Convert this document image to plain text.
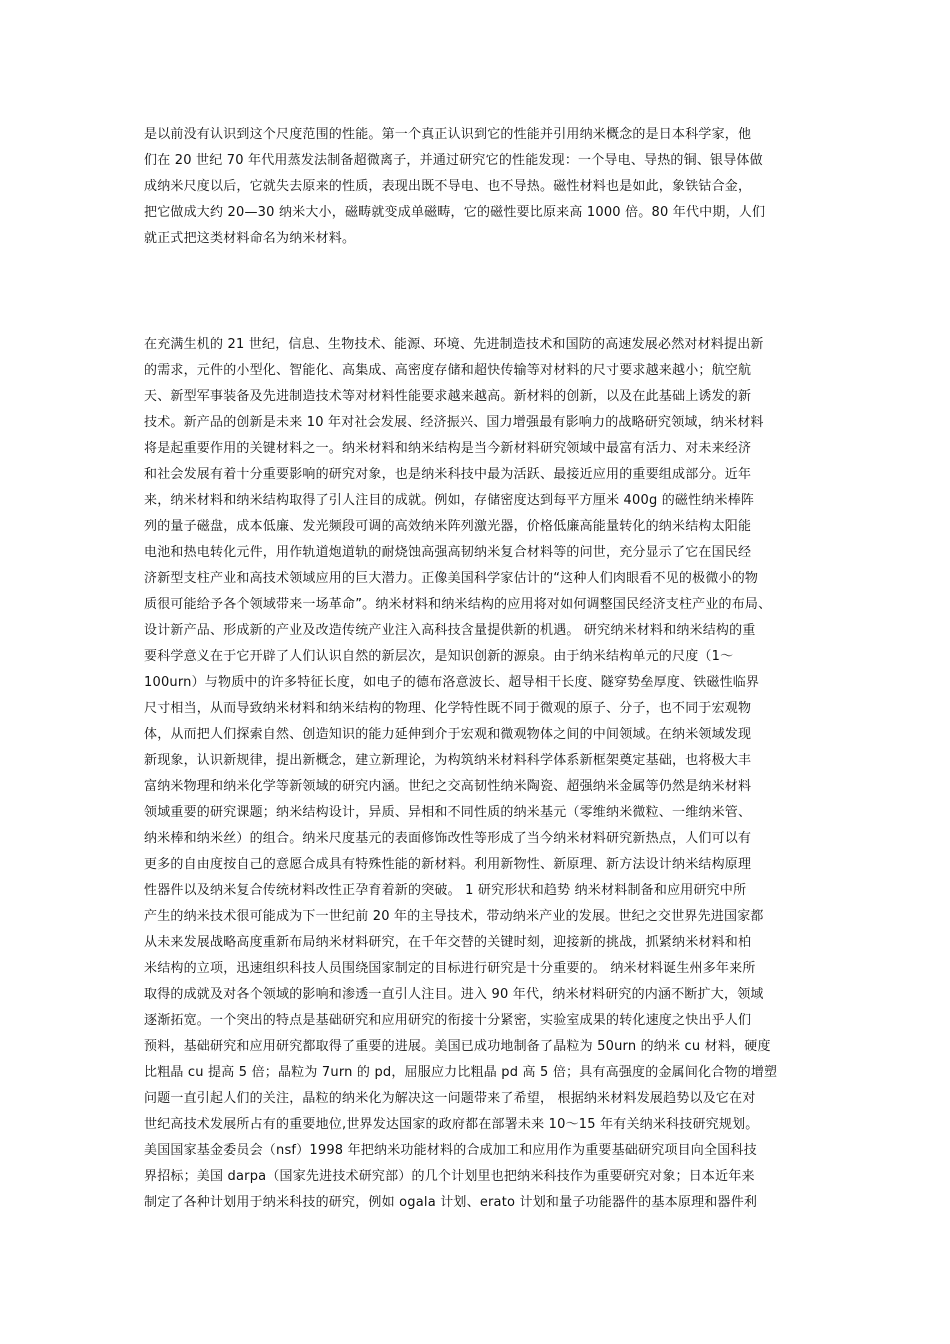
是以前没有认识到这个尺度范围的性能。第一个真正认识到它的性能并引用纳米概念的是日本科学家，他
们在 20 世纪 70 年代用蒸发法制备超微离子，并通过研究它的性能发现：一个导电、导热的铜、银导体做
成纳米尺度以后，它就失去原来的性质，表现出既不导电、也不导热。磁性材料也是如此，象铁钴合金，
把它做成大约 20—30 纳米大小，磁畴就变成单磁畴，它的磁性要比原来高 1000 倍。80 年代中期，人们
就正式把这类材料命名为纳米材料。
在充满生机的 21 世纪，信息、生物技术、能源、环境、先进制造技术和国防的高速发展必然对材料提出新
的需求，元件的小型化、智能化、高集成、高密度存储和超快传输等对材料的尺寸要求越来越小；航空航
天、新型军事装备及先进制造技术等对材料性能要求越来越高。新材料的创新，以及在此基础上诱发的新
技术。新产品的创新是未来 10 年对社会发展、经济振兴、国力增强最有影响力的战略研究领域，纳米材料
将是起重要作用的关键材料之一。纳米材料和纳米结构是当今新材料研究领域中最富有活力、对未来经济
和社会发展有着十分重要影响的研究对象，也是纳米科技中最为活跃、最接近应用的重要组成部分。近年
来，纳米材料和纳米结构取得了引人注目的成就。例如，存储密度达到每平方厘米 400g 的磁性纳米棒阵
列的量子磁盘，成本低廉、发光频段可调的高效纳米阵列激光器，价格低廉高能量转化的纳米结构太阳能
电池和热电转化元件，用作轨道炮道轨的耐烧蚀高强高韧纳米复合材料等的问世，充分显示了它在国民经
济新型支柱产业和高技术领域应用的巨大潜力。正像美国科学家估计的“这种人们肉眼看不见的极微小的物
质很可能给予各个领域带来一场革命”。纳米材料和纳米结构的应用将对如何调整国民经济支柱产业的布局、
设计新产品、形成新的产业及改造传统产业注入高科技含量提供新的机遇。 研究纳米材料和纳米结构的重
要科学意义在于它开辟了人们认识自然的新层次，是知识创新的源泉。由于纳米结构单元的尺度（1～
100urn）与物质中的许多特征长度，如电子的德布洛意波长、超导相干长度、隧穿势垒厚度、铁磁性临界
尺寸相当，从而导致纳米材料和纳米结构的物理、化学特性既不同于微观的原子、分子，也不同于宏观物
体，从而把人们探索自然、创造知识的能力延伸到介于宏观和微观物体之间的中间领域。在纳米领域发现
新现象，认识新规律，提出新概念，建立新理论，为构筑纳米材料科学体系新框架奠定基础，也将极大丰
富纳米物理和纳米化学等新领域的研究内涵。世纪之交高韧性纳米陶瓷、超强纳米金属等仍然是纳米材料
领域重要的研究课题；纳米结构设计，异质、异相和不同性质的纳米基元（零维纳米微粒、一维纳米管、
纳米棒和纳米丝）的组合。纳米尺度基元的表面修饰改性等形成了当今纳米材料研究新热点，人们可以有
更多的自由度按自己的意愿合成具有特殊性能的新材料。利用新物性、新原理、新方法设计纳米结构原理
性器件以及纳米复合传统材料改性正孕育着新的突破。 1 研究形状和趋势 纳米材料制备和应用研究中所
产生的纳米技术很可能成为下一世纪前 20 年的主导技术，带动纳米产业的发展。世纪之交世界先进国家都
从未来发展战略高度重新布局纳米材料研究，在千年交替的关键时刻，迎接新的挑战，抓紧纳米材料和柏
米结构的立项，迅速组织科技人员围绕国家制定的目标进行研究是十分重要的。 纳米材料诞生州多年来所
取得的成就及对各个领域的影响和渗透一直引人注目。进入 90 年代，纳米材料研究的内涵不断扩大，领域
逐渐拓宽。一个突出的特点是基础研究和应用研究的衔接十分紧密，实验室成果的转化速度之快出乎人们
预料，基础研究和应用研究都取得了重要的进展。美国已成功地制备了晶粒为 50urn 的纳米 cu 材料，硬度
比粗晶 cu 提高 5 倍；晶粒为 7urn 的 pd，屈服应力比粗晶 pd 高 5 倍；具有高强度的金属间化合物的增塑
问题一直引起人们的关注，晶粒的纳米化为解决这一问题带来了希望， 根据纳米材料发展趋势以及它在对
世纪高技术发展所占有的重要地位,世界发达国家的政府都在部署未来 10～15 年有关纳米科技研究规划。
美国国家基金委员会（nsf）1998 年把纳米功能材料的合成加工和应用作为重要基础研究项目向全国科技
界招标；美国 darpa（国家先进技术研究部）的几个计划里也把纳米科技作为重要研究对象；日本近年来
制定了各种计划用于纳米科技的研究，例如 ogala 计划、erato 计划和量子功能器件的基本原理和器件利
